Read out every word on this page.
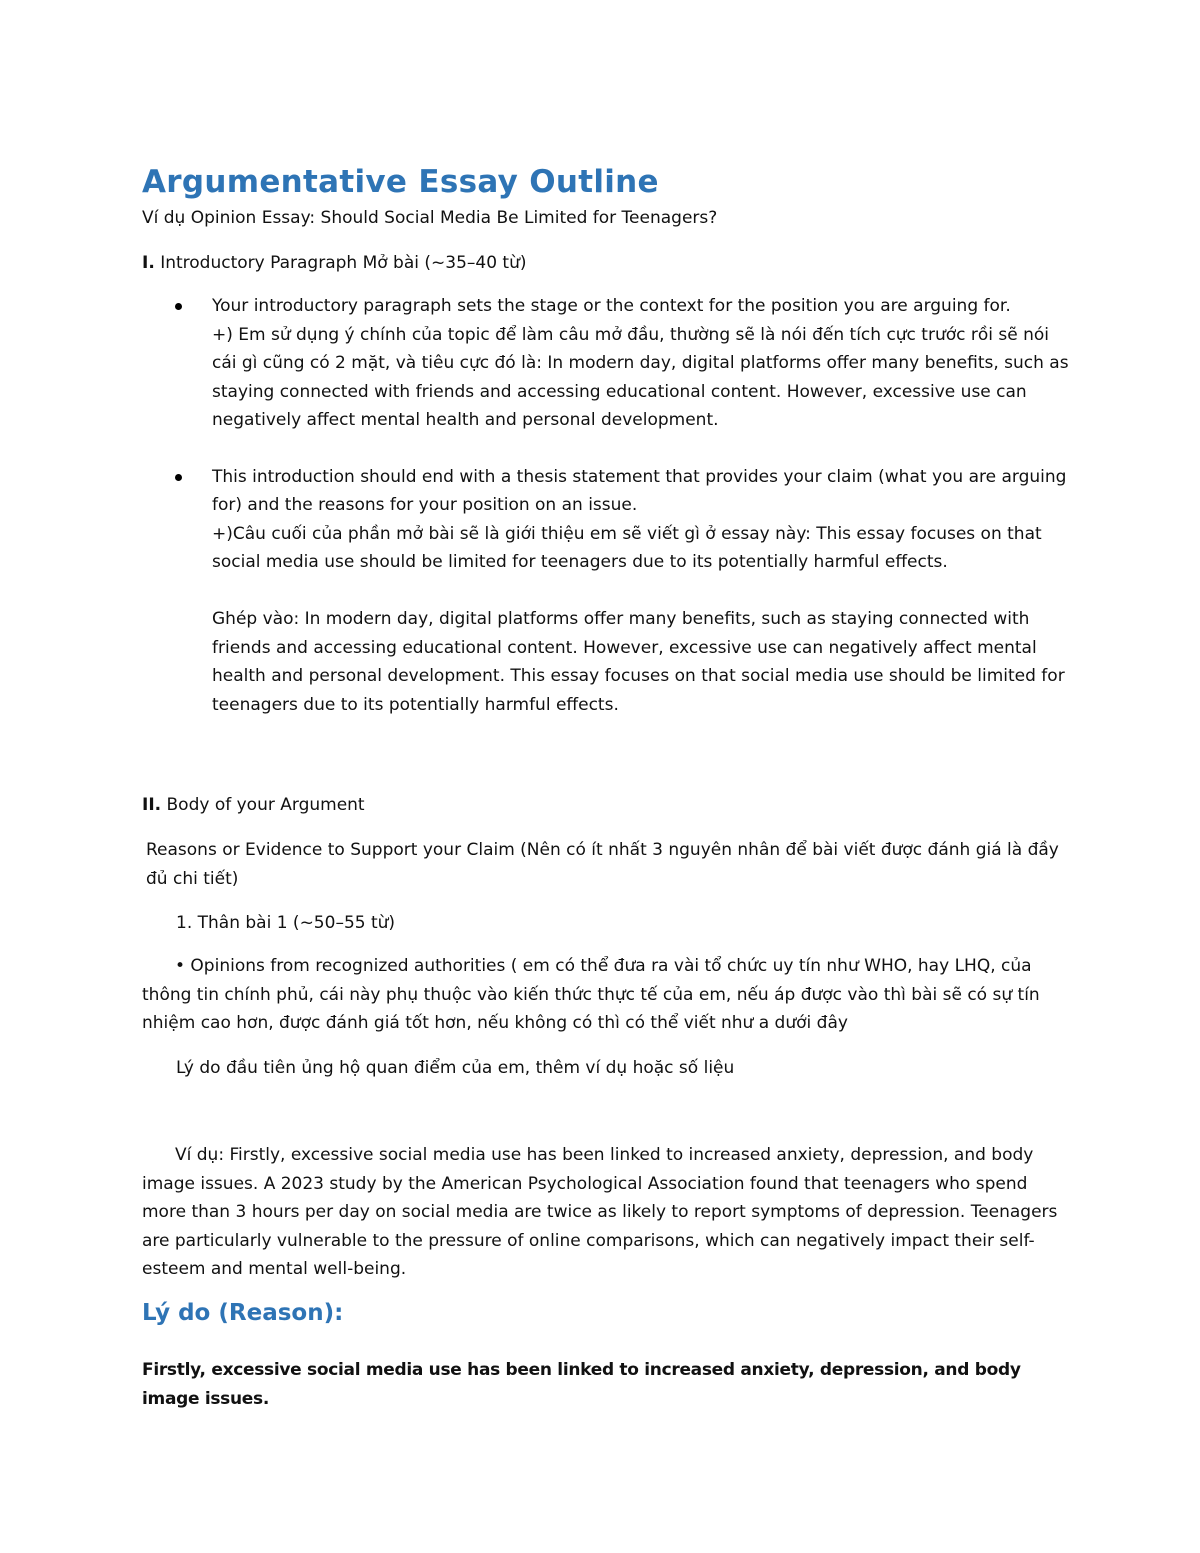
Argumentative Essay Outline

Ví dụ Opinion Essay: Should Social Media Be Limited for Teenagers?

I. Introductory Paragraph Mở bài (~35–40 từ)

Your introductory paragraph sets the stage or the context for the position you are arguing for.
+) Em sử dụng ý chính của topic để làm câu mở đầu, thường sẽ là nói đến tích cực trước rồi sẽ nói cái gì cũng có 2 mặt, và tiêu cực đó là: In modern day, digital platforms offer many benefits, such as staying connected with friends and accessing educational content. However, excessive use can negatively affect mental health and personal development.
This introduction should end with a thesis statement that provides your claim (what you are arguing for) and the reasons for your position on an issue.
+)Câu cuối của phần mở bài sẽ là giới thiệu em sẽ viết gì ở essay này: This essay focuses on that social media use should be limited for teenagers due to its potentially harmful effects.
Ghép vào: In modern day, digital platforms offer many benefits, such as staying connected with friends and accessing educational content. However, excessive use can negatively affect mental health and personal development. This essay focuses on that social media use should be limited for teenagers due to its potentially harmful effects.

II. Body of your Argument

Reasons or Evidence to Support your Claim (Nên có ít nhất 3 nguyên nhân để bài viết được đánh giá là đầy đủ chi tiết)

1. Thân bài 1 (~50–55 từ)

• Opinions from recognized authorities ( em có thể đưa ra vài tổ chức uy tín như WHO, hay LHQ, của thông tin chính phủ, cái này phụ thuộc vào kiến thức thực tế của em, nếu áp được vào thì bài sẽ có sự tín nhiệm cao hơn, được đánh giá tốt hơn, nếu không có thì có thể viết như a dưới đây

Lý do đầu tiên ủng hộ quan điểm của em, thêm ví dụ hoặc số liệu

Ví dụ: Firstly, excessive social media use has been linked to increased anxiety, depression, and body image issues. A 2023 study by the American Psychological Association found that teenagers who spend more than 3 hours per day on social media are twice as likely to report symptoms of depression. Teenagers are particularly vulnerable to the pressure of online comparisons, which can negatively impact their self-esteem and mental well-being.

Lý do (Reason):

Firstly, excessive social media use has been linked to increased anxiety, depression, and body image issues.
